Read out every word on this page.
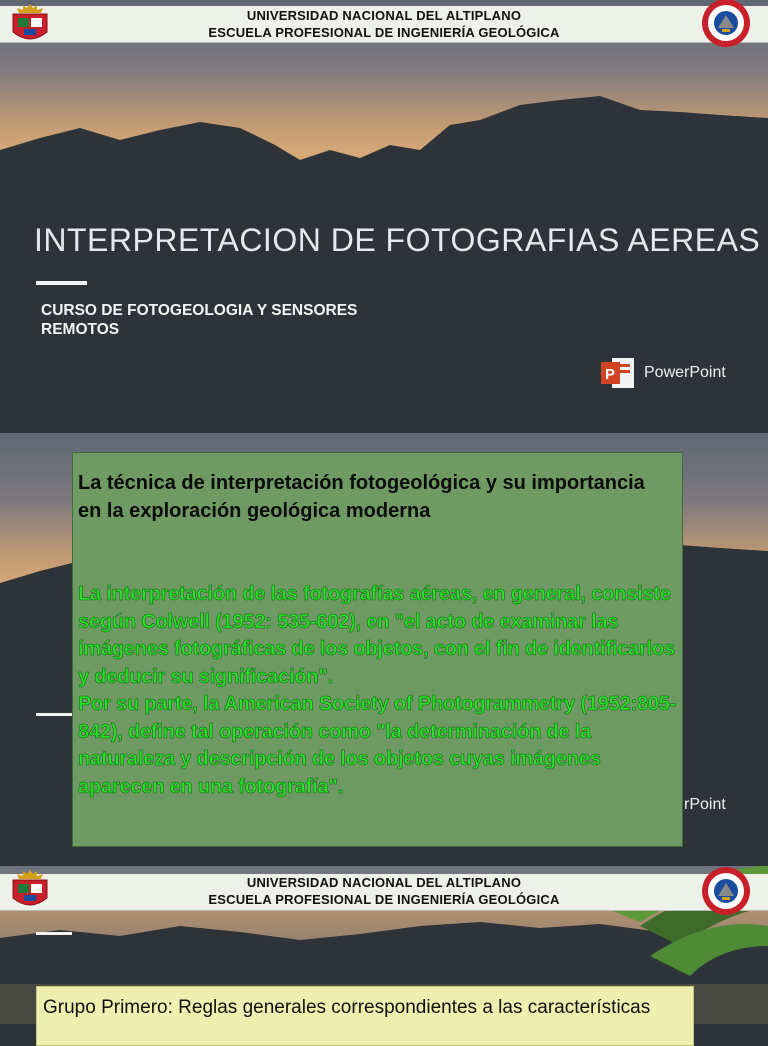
UNIVERSIDAD NACIONAL DEL ALTIPLANO
ESCUELA PROFESIONAL DE INGENIERÍA GEOLÓGICA
INTERPRETACION DE FOTOGRAFIAS AEREAS
CURSO DE FOTOGEOLOGIA Y SENSORES REMOTOS
P PowerPoint
rPoint
La técnica de interpretación fotogeológica y su importancia en la exploración geológica moderna
La interpretación de las fotografías aéreas, en general, consiste según Colwell (1952: 535-602), en "el acto de examinar las imágenes fotográficas de los objetos, con el fin de identificarlos y deducir su significación".
Por su parte, la American Society of Photogrammetry (1952:805-842), define tal operación como "la determinación de la naturaleza y descripción de los objetos cuyas imágenes aparecen en una fotografía".
UNIVERSIDAD NACIONAL DEL ALTIPLANO
ESCUELA PROFESIONAL DE INGENIERÍA GEOLÓGICA
Grupo Primero: Reglas generales correspondientes a las características
